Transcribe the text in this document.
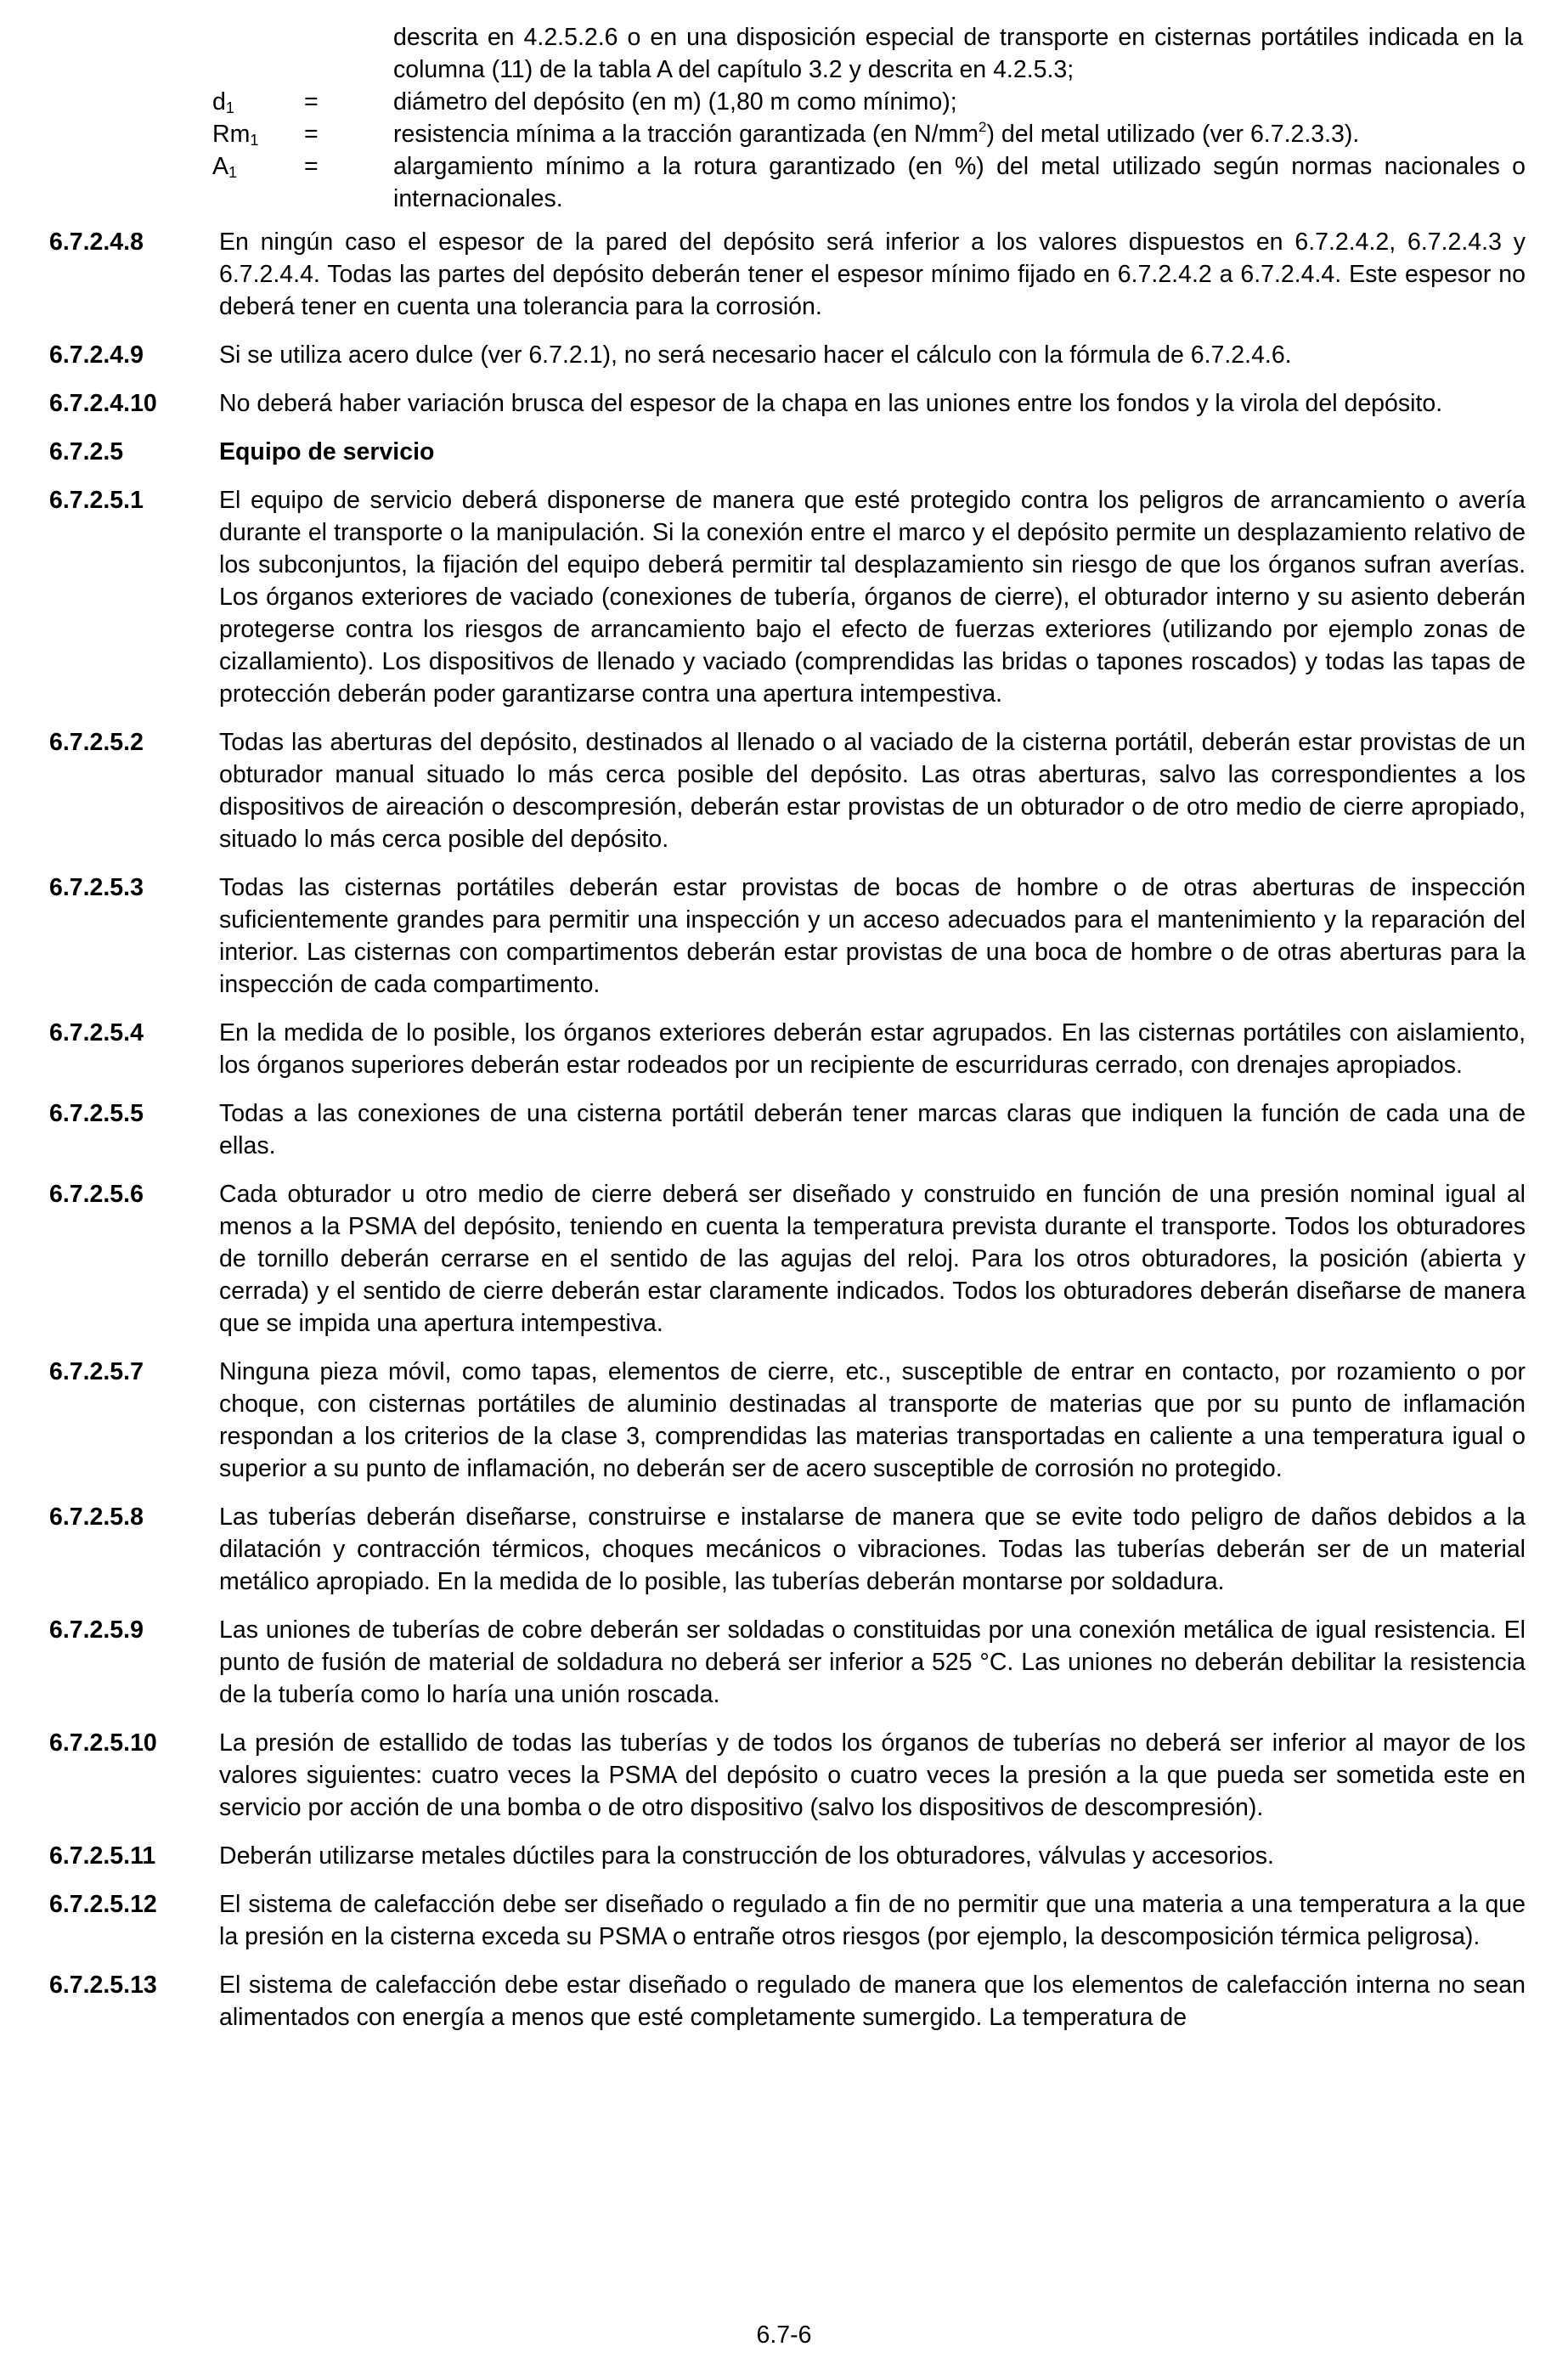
descrita en 4.2.5.2.6 o en una disposición especial de transporte en cisternas portátiles indicada en la columna (11) de la tabla A del capítulo 3.2 y descrita en 4.2.5.3;
$d_1$	=	diámetro del depósito (en m) (1,80 m como mínimo);
$Rm_1$	=	resistencia mínima a la tracción garantizada (en $N/mm^2$) del metal utilizado (ver 6.7.2.3.3).
$A_1$	=	alargamiento mínimo a la rotura garantizado (en %) del metal utilizado según normas nacionales o internacionales.
6.7.2.4.8	En ningún caso el espesor de la pared del depósito será inferior a los valores dispuestos en 6.7.2.4.2, 6.7.2.4.3 y 6.7.2.4.4. Todas las partes del depósito deberán tener el espesor mínimo fijado en 6.7.2.4.2 a 6.7.2.4.4. Este espesor no deberá tener en cuenta una tolerancia para la corrosión.
6.7.2.4.9	Si se utiliza acero dulce (ver 6.7.2.1), no será necesario hacer el cálculo con la fórmula de 6.7.2.4.6.
6.7.2.4.10	No deberá haber variación brusca del espesor de la chapa en las uniones entre los fondos y la virola del depósito.
6.7.2.5	Equipo de servicio
6.7.2.5.1	El equipo de servicio deberá disponerse de manera que esté protegido contra los peligros de arrancamiento o avería durante el transporte o la manipulación. Si la conexión entre el marco y el depósito permite un desplazamiento relativo de los subconjuntos, la fijación del equipo deberá permitir tal desplazamiento sin riesgo de que los órganos sufran averías. Los órganos exteriores de vaciado (conexiones de tubería, órganos de cierre), el obturador interno y su asiento deberán protegerse contra los riesgos de arrancamiento bajo el efecto de fuerzas exteriores (utilizando por ejemplo zonas de cizallamiento). Los dispositivos de llenado y vaciado (comprendidas las bridas o tapones roscados) y todas las tapas de protección deberán poder garantizarse contra una apertura intempestiva.
6.7.2.5.2	Todas las aberturas del depósito, destinados al llenado o al vaciado de la cisterna portátil, deberán estar provistas de un obturador manual situado lo más cerca posible del depósito. Las otras aberturas, salvo las correspondientes a los dispositivos de aireación o descompresión, deberán estar provistas de un obturador o de otro medio de cierre apropiado, situado lo más cerca posible del depósito.
6.7.2.5.3	Todas las cisternas portátiles deberán estar provistas de bocas de hombre o de otras aberturas de inspección suficientemente grandes para permitir una inspección y un acceso adecuados para el mantenimiento y la reparación del interior. Las cisternas con compartimentos deberán estar provistas de una boca de hombre o de otras aberturas para la inspección de cada compartimento.
6.7.2.5.4	En la medida de lo posible, los órganos exteriores deberán estar agrupados. En las cisternas portátiles con aislamiento, los órganos superiores deberán estar rodeados por un recipiente de escurriduras cerrado, con drenajes apropiados.
6.7.2.5.5	Todas a las conexiones de una cisterna portátil deberán tener marcas claras que indiquen la función de cada una de ellas.
6.7.2.5.6	Cada obturador u otro medio de cierre deberá ser diseñado y construido en función de una presión nominal igual al menos a la PSMA del depósito, teniendo en cuenta la temperatura prevista durante el transporte. Todos los obturadores de tornillo deberán cerrarse en el sentido de las agujas del reloj. Para los otros obturadores, la posición (abierta y cerrada) y el sentido de cierre deberán estar claramente indicados. Todos los obturadores deberán diseñarse de manera que se impida una apertura intempestiva.
6.7.2.5.7	Ninguna pieza móvil, como tapas, elementos de cierre, etc., susceptible de entrar en contacto, por rozamiento o por choque, con cisternas portátiles de aluminio destinadas al transporte de materias que por su punto de inflamación respondan a los criterios de la clase 3, comprendidas las materias transportadas en caliente a una temperatura igual o superior a su punto de inflamación, no deberán ser de acero susceptible de corrosión no protegido.
6.7.2.5.8	Las tuberías deberán diseñarse, construirse e instalarse de manera que se evite todo peligro de daños debidos a la dilatación y contracción térmicos, choques mecánicos o vibraciones. Todas las tuberías deberán ser de un material metálico apropiado. En la medida de lo posible, las tuberías deberán montarse por soldadura.
6.7.2.5.9	Las uniones de tuberías de cobre deberán ser soldadas o constituidas por una conexión metálica de igual resistencia. El punto de fusión de material de soldadura no deberá ser inferior a 525 °C. Las uniones no deberán debilitar la resistencia de la tubería como lo haría una unión roscada.
6.7.2.5.10	La presión de estallido de todas las tuberías y de todos los órganos de tuberías no deberá ser inferior al mayor de los valores siguientes: cuatro veces la PSMA del depósito o cuatro veces la presión a la que pueda ser sometida este en servicio por acción de una bomba o de otro dispositivo (salvo los dispositivos de descompresión).
6.7.2.5.11	Deberán utilizarse metales dúctiles para la construcción de los obturadores, válvulas y accesorios.
6.7.2.5.12	El sistema de calefacción debe ser diseñado o regulado a fin de no permitir que una materia a una temperatura a la que la presión en la cisterna exceda su PSMA o entrañe otros riesgos (por ejemplo, la descomposición térmica peligrosa).
6.7.2.5.13	El sistema de calefacción debe estar diseñado o regulado de manera que los elementos de calefacción interna no sean alimentados con energía a menos que esté completamente sumergido. La temperatura de
6.7-6
